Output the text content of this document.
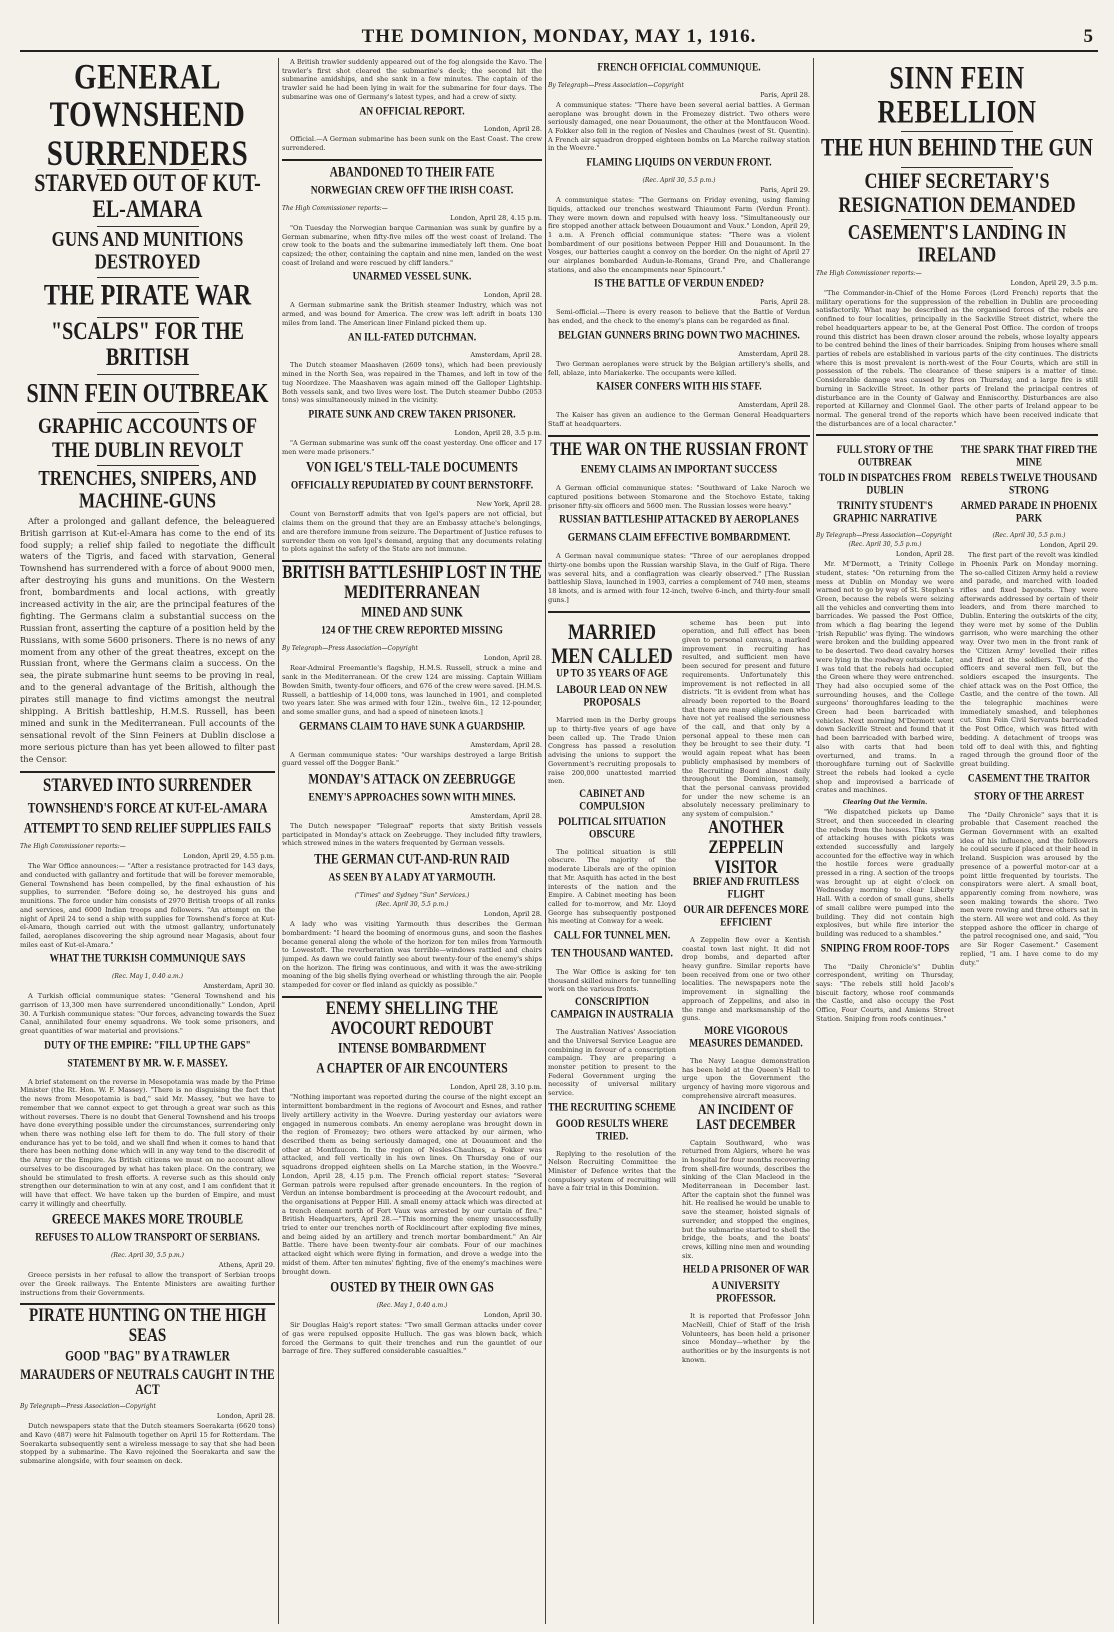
THE DOMINION, MONDAY, MAY 1, 1916.	5
GENERAL TOWNSHEND SURRENDERS
STARVED OUT OF KUT-EL-AMARA
GUNS AND MUNITIONS DESTROYED
THE PIRATE WAR
"SCALPS" FOR THE BRITISH
SINN FEIN OUTBREAK
GRAPHIC ACCOUNTS OF THE DUBLIN REVOLT
TRENCHES, SNIPERS, AND MACHINE-GUNS

After a prolonged and gallant defence, the beleaguered British garrison at Kut-el-Amara has come to the end of its food supply; a relief ship failed to negotiate the difficult waters of the Tigris, and faced with starvation, General Townshend has surrendered with a force of about 9000 men, after destroying his guns and munitions. On the Western front, bombardments and local actions, with greatly increased activity in the air, are the principal features of the fighting. The Germans claim a substantial success on the Russian front, asserting the capture of a position held by the Russians, with some 5600 prisoners. There is no news of any moment from any other of the great theatres, except on the Russian front, where the Germans claim a success. On the sea, the pirate submarine hunt seems to be proving in real, and to the general advantage of the British, although the pirates still manage to find victims amongst the neutral shipping. A British battleship, H.M.S. Russell, has been mined and sunk in the Mediterranean. Full accounts of the sensational revolt of the Sinn Feiners at Dublin disclose a more serious picture than has yet been allowed to filter past the Censor.

STARVED INTO SURRENDER
TOWNSHEND'S FORCE AT KUT-EL-AMARA
ATTEMPT TO SEND RELIEF SUPPLIES FAILS
The High Commissioner reports:—
London, April 29, 4.55 p.m.

The War Office announces:— "After a resistance protracted for 143 days, and conducted with gallantry and fortitude that will be forever memorable, General Townshend has been compelled, by the final exhaustion of his supplies, to surrender. "Before doing so, he destroyed his guns and munitions. The force under him consists of 2970 British troops of all ranks and services, and 6000 Indian troops and followers. "An attempt on the night of April 24 to send a ship with supplies for Townshend's force at Kut-el-Amara, though carried out with the utmost gallantry, unfortunately failed, aeroplanes discovering the ship aground near Magasis, about four miles east of Kut-el-Amara."

WHAT THE TURKISH COMMUNIQUE SAYS
(Rec. May 1, 0.40 a.m.)
Amsterdam, April 30.

A Turkish official communique states: "General Townshend and his garrison of 13,300 men have surrendered unconditionally." London, April 30. A Turkish communique states: "Our forces, advancing towards the Suez Canal, annihilated four enemy squadrons. We took some prisoners, and great quantities of war material and provisions."

DUTY OF THE EMPIRE: "FILL UP THE GAPS"
STATEMENT BY MR. W. F. MASSEY.

A brief statement on the reverse in Mesopotamia was made by the Prime Minister (the Rt. Hon. W. F. Massey). "There is no disguising the fact that the news from Mesopotamia is bad," said Mr. Massey, "but we have to remember that we cannot expect to get through a great war such as this without reverses. There is no doubt that General Townshend and his troops have done everything possible under the circumstances, surrendering only when there was nothing else left for them to do. The full story of their endurance has yet to be told, and we shall find when it comes to hand that there has been nothing done which will in any way tend to the discredit of the Army or the Empire. As British citizens we must on no account allow ourselves to be discouraged by what has taken place. On the contrary, we should be stimulated to fresh efforts. A reverse such as this should only strengthen our determination to win at any cost, and I am confident that it will have that effect. We have taken up the burden of Empire, and must carry it willingly and cheerfully.

GREECE MAKES MORE TROUBLE
REFUSES TO ALLOW TRANSPORT OF SERBIANS.
(Rec. April 30, 5.5 p.m.)
Athens, April 29.

Greece persists in her refusal to allow the transport of Serbian troops over the Greek railways. The Entente Ministers are awaiting further instructions from their Governments.

PIRATE HUNTING ON THE HIGH SEAS
GOOD "BAG" BY A TRAWLER
MARAUDERS OF NEUTRALS CAUGHT IN THE ACT
By Telegraph—Press Association—Copyright
London, April 28.

Dutch newspapers state that the Dutch steamers Soerakarta (6620 tons) and Kavo (487) were hit Falmouth together on April 15 for Rotterdam. The Soerakarta subsequently sent a wireless message to say that she had been stopped by a submarine. The Kavo rejoined the Soerakarta and saw the submarine alongside, with four seamen on deck.

A British trawler suddenly appeared out of the fog alongside the Kavo. The trawler's first shot cleared the submarine's deck; the second hit the submarine amidships, and she sank in a few minutes. The captain of the trawler said he had been lying in wait for the submarine for four days. The submarine was one of Germany's latest types, and had a crew of sixty.

AN OFFICIAL REPORT.
London, April 28.

Official.—A German submarine has been sunk on the East Coast. The crew surrendered.

ABANDONED TO THEIR FATE
NORWEGIAN CREW OFF THE IRISH COAST.
The High Commissioner reports:—
London, April 28, 4.15 p.m.

"On Tuesday the Norwegian barque Carmanian was sunk by gunfire by a German submarine, when fifty-five miles off the west coast of Ireland. The crew took to the boats and the submarine immediately left them. One boat capsized; the other, containing the captain and nine men, landed on the west coast of Ireland and were rescued by cliff landers."

UNARMED VESSEL SUNK.
London, April 28.

A German submarine sank the British steamer Industry, which was not armed, and was bound for America. The crew was left adrift in boats 130 miles from land. The American liner Finland picked them up.

AN ILL-FATED DUTCHMAN.
Amsterdam, April 28.

The Dutch steamer Maashaven (2609 tons), which had been previously mined in the North Sea, was repaired in the Thames, and left in tow of the tug Noordzee. The Maashaven was again mined off the Galloper Lightship. Both vessels sank, and two lives were lost. The Dutch steamer Dubbo (2053 tons) was simultaneously mined in the vicinity.

PIRATE SUNK AND CREW TAKEN PRISONER.
London, April 28, 3.5 p.m.

"A German submarine was sunk off the coast yesterday. One officer and 17 men were made prisoners."

VON IGEL'S TELL-TALE DOCUMENTS
OFFICIALLY REPUDIATED BY COUNT BERNSTORFF.
New York, April 28.

Count von Bernstorff admits that von Igel's papers are not official, but claims them on the ground that they are an Embassy attache's belongings, and are therefore immune from seizure. The Department of Justice refuses to surrender them on von Igel's demand, arguing that any documents relating to plots against the safety of the State are not immune.

BRITISH BATTLESHIP LOST IN THE MEDITERRANEAN
MINED AND SUNK
124 OF THE CREW REPORTED MISSING
By Telegraph—Press Association—Copyright
London, April 28.

Rear-Admiral Freemantle's flagship, H.M.S. Russell, struck a mine and sank in the Mediterranean. Of the crew 124 are missing. Captain William Bowden Smith, twenty-four officers, and 676 of the crew were saved. [H.M.S. Russell, a battleship of 14,000 tons, was launched in 1901, and completed two years later. She was armed with four 12in., twelve 6in., 12 12-pounder, and some smaller guns, and had a speed of nineteen knots.]

GERMANS CLAIM TO HAVE SUNK A GUARDSHIP.
Amsterdam, April 28.

A German communique states: "Our warships destroyed a large British guard vessel off the Dogger Bank."

MONDAY'S ATTACK ON ZEEBRUGGE
ENEMY'S APPROACHES SOWN WITH MINES.
Amsterdam, April 28.

The Dutch newspaper "Telegraaf" reports that sixty British vessels participated in Monday's attack on Zeebrugge. They included fifty trawlers, which strewed mines in the waters frequented by German vessels.

THE GERMAN CUT-AND-RUN RAID
AS SEEN BY A LADY AT YARMOUTH.
("Times" and Sydney "Sun" Services.)
(Rec. April 30, 5.5 p.m.)
London, April 28.

A lady who was visiting Yarmouth thus describes the German bombardment: "I heard the booming of enormous guns, and soon the flashes became general along the whole of the horizon for ten miles from Yarmouth to Lowestoft. The reverberation was terrible—windows rattled and chairs jumped. As dawn we could faintly see about twenty-four of the enemy's ships on the horizon. The firing was continuous, and with it was the awe-striking moaning of the big shells flying overhead or whistling through the air. People stampeded for cover or fled inland as quickly as possible."

ENEMY SHELLING THE AVOCOURT REDOUBT
INTENSE BOMBARDMENT
A CHAPTER OF AIR ENCOUNTERS
London, April 28, 3.10 p.m.

"Nothing important was reported during the course of the night except an intermittent bombardment in the regions of Avocourt and Esnes, and rather lively artillery activity in the Woevre. During yesterday our aviators were engaged in numerous combats. An enemy aeroplane was brought down in the region of Fromezey; two others were attacked by our airmen, who described them as being seriously damaged, one at Douaumont and the other at Montfaucon. In the region of Nesles-Chaulnes, a Fokker was attacked, and fell vertically in his own lines. On Thursday one of our squadrons dropped eighteen shells on La Marche station, in the Woevre." London, April 28, 4.15 p.m. The French official report states: "Several German patrols were repulsed after grenade encounters. In the region of Verdun an intense bombardment is proceeding at the Avocourt redoubt, and the organisations at Pepper Hill. A small enemy attack which was directed at a trench element north of Fort Vaux was arrested by our curtain of fire." British Headquarters, April 28.—"This morning the enemy unsuccessfully tried to enter our trenches north of Rocklincourt after exploding five mines, and being aided by an artillery and trench mortar bombardment." An Air Battle. There have been twenty-four air combats. Four of our machines attacked eight which were flying in formation, and drove a wedge into the midst of them. After ten minutes' fighting, five of the enemy's machines were brought down.

OUSTED BY THEIR OWN GAS
(Rec. May 1, 0.40 a.m.)
London, April 30.

Sir Douglas Haig's report states: "Two small German attacks under cover of gas were repulsed opposite Hulluch. The gas was blown back, which forced the Germans to quit their trenches and run the gauntlet of our barrage of fire. They suffered considerable casualties."

FRENCH OFFICIAL COMMUNIQUE.
By Telegraph—Press Association—Copyright
Paris, April 28.

A communique states: "There have been several aerial battles. A German aeroplane was brought down in the Fromezey district. Two others were seriously damaged, one near Douaumont, the other at the Montfaucon Wood. A Fokker also fell in the region of Nesles and Chaulnes (west of St. Quentin). A French air squadron dropped eighteen bombs on La Marche railway station in the Woevre."

FLAMING LIQUIDS ON VERDUN FRONT.
(Rec. April 30, 5.5 p.m.)
Paris, April 29.

A communique states: "The Germans on Friday evening, using flaming liquids, attacked our trenches westward Thiaumont Farm (Verdun Front). They were mown down and repulsed with heavy loss. "Simultaneously our fire stopped another attack between Douaumont and Vaux." London, April 29, 1 a.m. A French official communique states: "There was a violent bombardment of our positions between Pepper Hill and Douaumont. In the Vosges, our batteries caught a convoy on the border. On the night of April 27 our airplanes bombarded Audun-le-Romans, Grand Pre, and Challerange stations, and also the encampments near Spincourt."

IS THE BATTLE OF VERDUN ENDED?
Paris, April 28.

Semi-official.—There is every reason to believe that the Battle of Verdun has ended, and the check to the enemy's plans can be regarded as final.

BELGIAN GUNNERS BRING DOWN TWO MACHINES.
Amsterdam, April 28.

Two German aeroplanes were struck by the Belgian artillery's shells, and fell, ablaze, into Mariakerke. The occupants were killed.

KAISER CONFERS WITH HIS STAFF.
Amsterdam, April 28.

The Kaiser has given an audience to the German General Headquarters Staff at headquarters.

THE WAR ON THE RUSSIAN FRONT
ENEMY CLAIMS AN IMPORTANT SUCCESS

A German official communique states: "Southward of Lake Naroch we captured positions between Stomarone and the Stochovo Estate, taking prisoner fifty-six officers and 5600 men. The Russian losses were heavy."

RUSSIAN BATTLESHIP ATTACKED BY AEROPLANES
GERMANS CLAIM EFFECTIVE BOMBARDMENT.

A German naval communique states: "Three of our aeroplanes dropped thirty-one bombs upon the Russian warship Slava, in the Gulf of Riga. There was several hits, and a conflagration was clearly observed." [The Russian battleship Slava, launched in 1903, carries a complement of 740 men, steams 18 knots, and is armed with four 12-inch, twelve 6-inch, and thirty-four small guns.]

MARRIED MEN CALLED
UP TO 35 YEARS OF AGE
LABOUR LEAD ON NEW PROPOSALS

Married men in the Derby groups up to thirty-five years of age have been called up. The Trade Union Congress has passed a resolution advising the unions to support the Government's recruiting proposals to raise 200,000 unattested married men.

CABINET AND COMPULSION
POLITICAL SITUATION OBSCURE

The political situation is still obscure. The majority of the moderate Liberals are of the opinion that Mr. Asquith has acted in the best interests of the nation and the Empire. A Cabinet meeting has been called for to-morrow, and Mr. Lloyd George has subsequently postponed his meeting at Conway for a week.

CALL FOR TUNNEL MEN.
TEN THOUSAND WANTED.

The War Office is asking for ten thousand skilled miners for tunnelling work on the various fronts.

CONSCRIPTION CAMPAIGN IN AUSTRALIA

The Australian Natives' Association and the Universal Service League are combining in favour of a conscription campaign. They are preparing a monster petition to present to the Federal Government urging the necessity of universal military service.

THE RECRUITING SCHEME
GOOD RESULTS WHERE TRIED.

Replying to the resolution of the Nelson Recruiting Committee the Minister of Defence writes that the compulsory system of recruiting will have a fair trial in this Dominion.

scheme has been put into operation, and full effect has been given to personal canvass, a marked improvement in recruiting has resulted, and sufficient men have been secured for present and future requirements. Unfortunately this improvement is not reflected in all districts. "It is evident from what has already been reported to the Board that there are many eligible men who have not yet realised the seriousness of the call, and that only by a personal appeal to these men can they be brought to see their duty. "I would again repeat what has been publicly emphasised by members of the Recruiting Board almost daily throughout the Dominion, namely, that the personal canvass provided for under the new scheme is an absolutely necessary preliminary to any system of compulsion."

ANOTHER ZEPPELIN VISITOR
BRIEF AND FRUITLESS FLIGHT
OUR AIR DEFENCES MORE EFFICIENT

A Zeppelin flew over a Kentish coastal town last night. It did not drop bombs, and departed after heavy gunfire. Similar reports have been received from one or two other localities. The newspapers note the improvement in signalling the approach of Zeppelins, and also in the range and marksmanship of the guns.

MORE VIGOROUS MEASURES DEMANDED.

The Navy League demonstration has been held at the Queen's Hall to urge upon the Government the urgency of having more vigorous and comprehensive aircraft measures.

AN INCIDENT OF LAST DECEMBER

Captain Southward, who was returned from Algiers, where he was in hospital for four months recovering from shell-fire wounds, describes the sinking of the Clan Macleod in the Mediterranean in December last. After the captain shot the funnel was hit. He realised he would be unable to save the steamer, hoisted signals of surrender, and stopped the engines, but the submarine started to shell the bridge, the boats, and the boats' crews, killing nine men and wounding six.

HELD A PRISONER OF WAR
A UNIVERSITY PROFESSOR.

It is reported that Professor John MacNeill, Chief of Staff of the Irish Volunteers, has been held a prisoner since Monday—whether by the authorities or by the insurgents is not known.

SINN FEIN REBELLION
THE HUN BEHIND THE GUN
CHIEF SECRETARY'S RESIGNATION DEMANDED
CASEMENT'S LANDING IN IRELAND
The High Commissioner reports:—
London, April 29, 3.5 p.m.

"The Commander-in-Chief of the Home Forces (Lord French) reports that the military operations for the suppression of the rebellion in Dublin are proceeding satisfactorily. What may be described as the organised forces of the rebels are confined to four localities, principally in the Sackville Street district, where the rebel headquarters appear to be, at the General Post Office. The cordon of troops round this district has been drawn closer around the rebels, whose loyalty appears to be centred behind the lines of their barricades. Sniping from houses where small parties of rebels are established in various parts of the city continues. The districts where this is most prevalent is north-west of the Four Courts, which are still in possession of the rebels. The clearance of these snipers is a matter of time. Considerable damage was caused by fires on Thursday, and a large fire is still burning in Sackville Street. In other parts of Ireland the principal centres of disturbance are in the County of Galway and Enniscorthy. Disturbances are also reported at Killarney and Clonmel Gaol. The other parts of Ireland appear to be normal. The general trend of the reports which have been received indicate that the disturbances are of a local character."

FULL STORY OF THE OUTBREAK
TOLD IN DISPATCHES FROM DUBLIN
TRINITY STUDENT'S GRAPHIC NARRATIVE
By Telegraph—Press Association—Copyright
(Rec. April 30, 5.5 p.m.)
London, April 28.

Mr. M'Dermott, a Trinity College student, states: "On returning from the mess at Dublin on Monday we were warned not to go by way of St. Stephen's Green, because the rebels were seizing all the vehicles and converting them into barricades. We passed the Post Office, from which a flag bearing the legend 'Irish Republic' was flying. The windows were broken and the building appeared to be deserted. Two dead cavalry horses were lying in the roadway outside. Later, I was told that the rebels had occupied the Green where they were entrenched. They had also occupied some of the surrounding houses, and the College surgeons' thoroughfares leading to the Green had been barricaded with vehicles. Next morning M'Dermott went down Sackville Street and found that it had been barricaded with barbed wire, also with carts that had been overturned, and trams. In a thoroughfare turning out of Sackville Street the rebels had looked a cycle shop and improvised a barricade of crates and machines.

Clearing Out the Vermin.

"We dispatched pickets up Dame Street, and then succeeded in clearing the rebels from the houses. This system of attacking houses with pickets was extended successfully and largely accounted for the effective way in which the hostile forces were gradually pressed in a ring. A section of the troops was brought up at eight o'clock on Wednesday morning to clear Liberty Hall. With a cordon of small guns, shells of small calibre were pumped into the building. They did not contain high explosives, but while fire interior the building was reduced to a shambles."

SNIPING FROM ROOF-TOPS

The "Daily Chronicle's" Dublin correspondent, writing on Thursday, says: "The rebels still hold Jacob's biscuit factory, whose roof commands the Castle, and also occupy the Post Office, Four Courts, and Amiens Street Station. Sniping from roofs continues."

THE SPARK THAT FIRED THE MINE
REBELS TWELVE THOUSAND STRONG
ARMED PARADE IN PHOENIX PARK
(Rec. April 30, 5.5 p.m.)
London, April 29.

The first part of the revolt was kindled in Phoenix Park on Monday morning. The so-called Citizen Army held a review and parade, and marched with loaded rifles and fixed bayonets. They were afterwards addressed by certain of their leaders, and from there marched to Dublin. Entering the outskirts of the city, they were met by some of the Dublin garrison, who were marching the other way. Over two men in the front rank of the 'Citizen Army' levelled their rifles and fired at the soldiers. Two of the officers and several men fell, but the soldiers escaped the insurgents. The chief attack was on the Post Office, the Castle, and the centre of the town. All the telegraphic machines were immediately smashed, and telephones cut. Sinn Fein Civil Servants barricaded the Post Office, which was fitted with bedding. A detachment of troops was told off to deal with this, and fighting raged through the ground floor of the great building.

CASEMENT THE TRAITOR
STORY OF THE ARREST

The "Daily Chronicle" says that it is probable that Casement reached the German Government with an exalted idea of his influence, and the followers he could secure if placed at their head in Ireland. Suspicion was aroused by the presence of a powerful motor-car at a point little frequented by tourists. The conspirators were alert. A small boat, apparently coming from nowhere, was seen making towards the shore. Two men were rowing and three others sat in the stern. All were wet and cold. As they stepped ashore the officer in charge of the patrol recognised one, and said, "You are Sir Roger Casement." Casement replied, "I am. I have come to do my duty."
